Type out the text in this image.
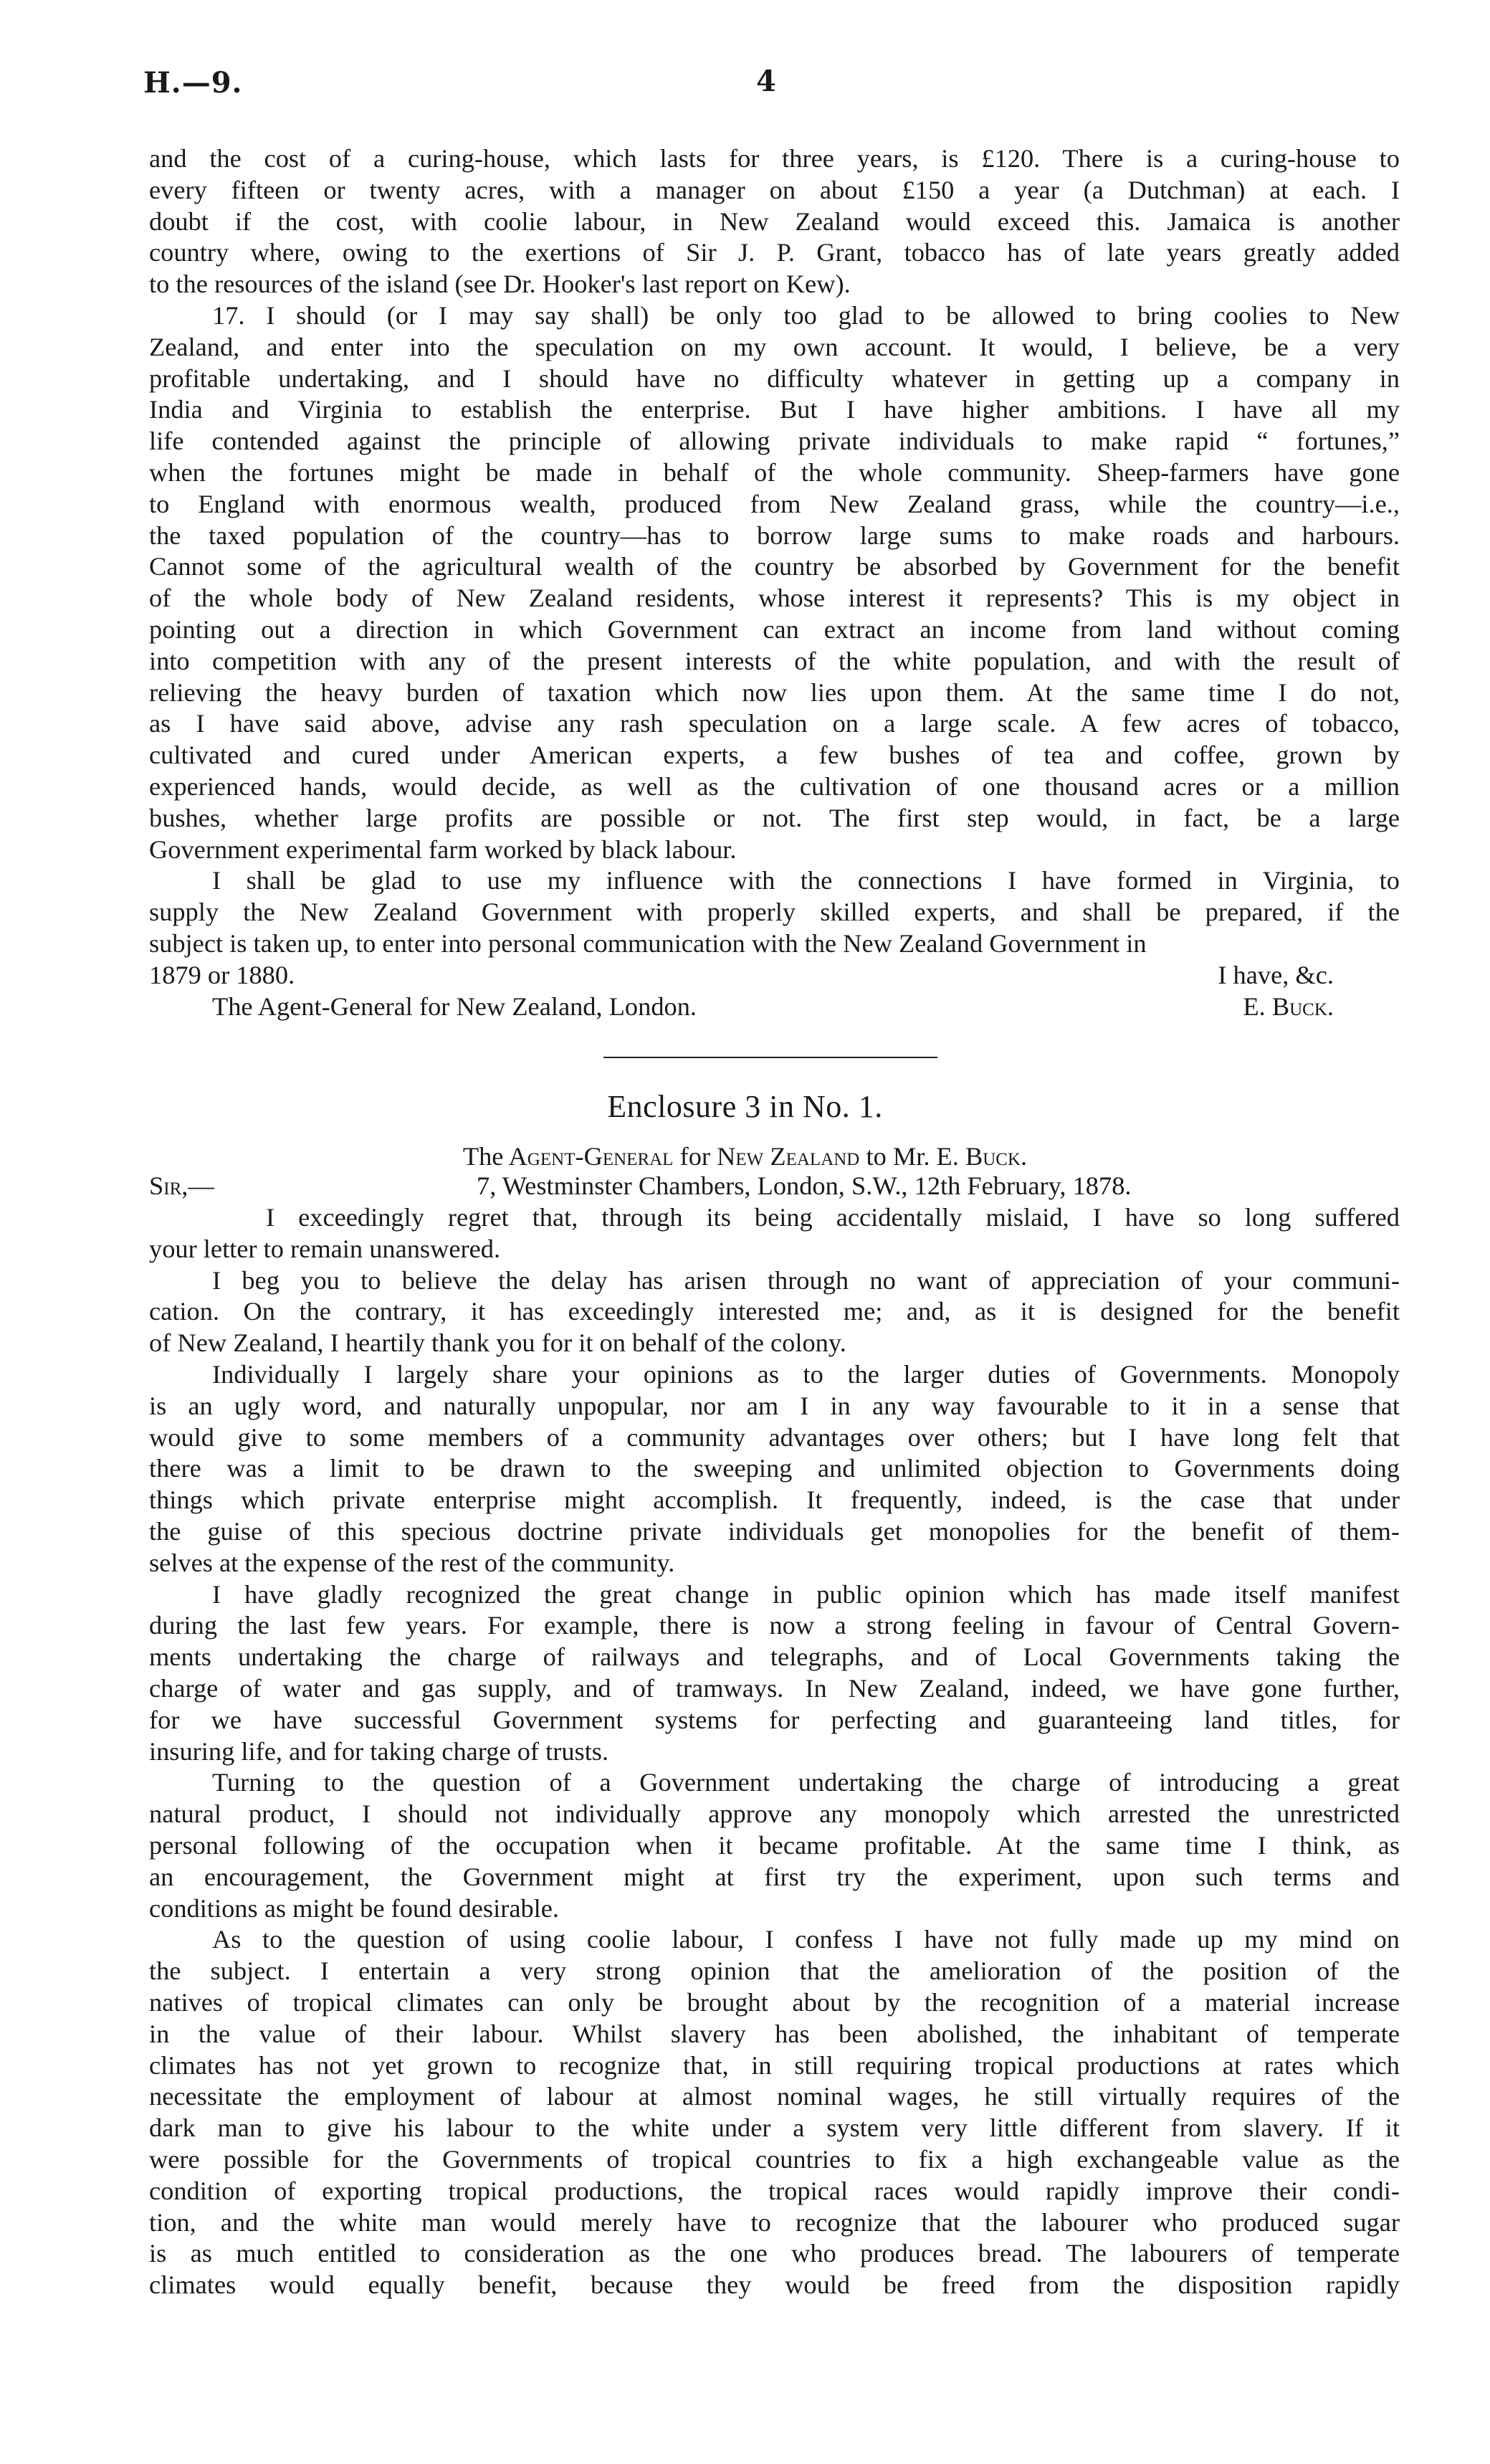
H.—9.	4
and the cost of a curing-house, which lasts for three years, is £120. There is a curing-house to
every fifteen or twenty acres, with a manager on about £150 a year (a Dutchman) at each. I
doubt if the cost, with coolie labour, in New Zealand would exceed this. Jamaica is another
country where, owing to the exertions of Sir J. P. Grant, tobacco has of late years greatly added
to the resources of the island (see Dr. Hooker's last report on Kew).
17. I should (or I may say shall) be only too glad to be allowed to bring coolies to New
Zealand, and enter into the speculation on my own account. It would, I believe, be a very
profitable undertaking, and I should have no difficulty whatever in getting up a company in
India and Virginia to establish the enterprise. But I have higher ambitions. I have all my
life contended against the principle of allowing private individuals to make rapid “ fortunes,”
when the fortunes might be made in behalf of the whole community. Sheep-farmers have gone
to England with enormous wealth, produced from New Zealand grass, while the country—i.e.,
the taxed population of the country—has to borrow large sums to make roads and harbours.
Cannot some of the agricultural wealth of the country be absorbed by Government for the benefit
of the whole body of New Zealand residents, whose interest it represents? This is my object in
pointing out a direction in which Government can extract an income from land without coming
into competition with any of the present interests of the white population, and with the result of
relieving the heavy burden of taxation which now lies upon them. At the same time I do not,
as I have said above, advise any rash speculation on a large scale. A few acres of tobacco,
cultivated and cured under American experts, a few bushes of tea and coffee, grown by
experienced hands, would decide, as well as the cultivation of one thousand acres or a million
bushes, whether large profits are possible or not. The first step would, in fact, be a large
Government experimental farm worked by black labour.
I shall be glad to use my influence with the connections I have formed in Virginia, to
supply the New Zealand Government with properly skilled experts, and shall be prepared, if the
subject is taken up, to enter into personal communication with the New Zealand Government in
1879 or 1880.	I have, &c.
The Agent-General for New Zealand, London.	E. Buck.
Enclosure 3 in No. 1.
The Agent-General for New Zealand to Mr. E. Buck.
Sir,—	7, Westminster Chambers, London, S.W., 12th February, 1878.
I exceedingly regret that, through its being accidentally mislaid, I have so long suffered
your letter to remain unanswered.
I beg you to believe the delay has arisen through no want of appreciation of your communi-
cation. On the contrary, it has exceedingly interested me; and, as it is designed for the benefit
of New Zealand, I heartily thank you for it on behalf of the colony.
Individually I largely share your opinions as to the larger duties of Governments. Monopoly
is an ugly word, and naturally unpopular, nor am I in any way favourable to it in a sense that
would give to some members of a community advantages over others; but I have long felt that
there was a limit to be drawn to the sweeping and unlimited objection to Governments doing
things which private enterprise might accomplish. It frequently, indeed, is the case that under
the guise of this specious doctrine private individuals get monopolies for the benefit of them-
selves at the expense of the rest of the community.
I have gladly recognized the great change in public opinion which has made itself manifest
during the last few years. For example, there is now a strong feeling in favour of Central Govern-
ments undertaking the charge of railways and telegraphs, and of Local Governments taking the
charge of water and gas supply, and of tramways. In New Zealand, indeed, we have gone further,
for we have successful Government systems for perfecting and guaranteeing land titles, for
insuring life, and for taking charge of trusts.
Turning to the question of a Government undertaking the charge of introducing a great
natural product, I should not individually approve any monopoly which arrested the unrestricted
personal following of the occupation when it became profitable. At the same time I think, as
an encouragement, the Government might at first try the experiment, upon such terms and
conditions as might be found desirable.
As to the question of using coolie labour, I confess I have not fully made up my mind on
the subject. I entertain a very strong opinion that the amelioration of the position of the
natives of tropical climates can only be brought about by the recognition of a material increase
in the value of their labour. Whilst slavery has been abolished, the inhabitant of temperate
climates has not yet grown to recognize that, in still requiring tropical productions at rates which
necessitate the employment of labour at almost nominal wages, he still virtually requires of the
dark man to give his labour to the white under a system very little different from slavery. If it
were possible for the Governments of tropical countries to fix a high exchangeable value as the
condition of exporting tropical productions, the tropical races would rapidly improve their condi-
tion, and the white man would merely have to recognize that the labourer who produced sugar
is as much entitled to consideration as the one who produces bread. The labourers of temperate
climates would equally benefit, because they would be freed from the disposition rapidly
